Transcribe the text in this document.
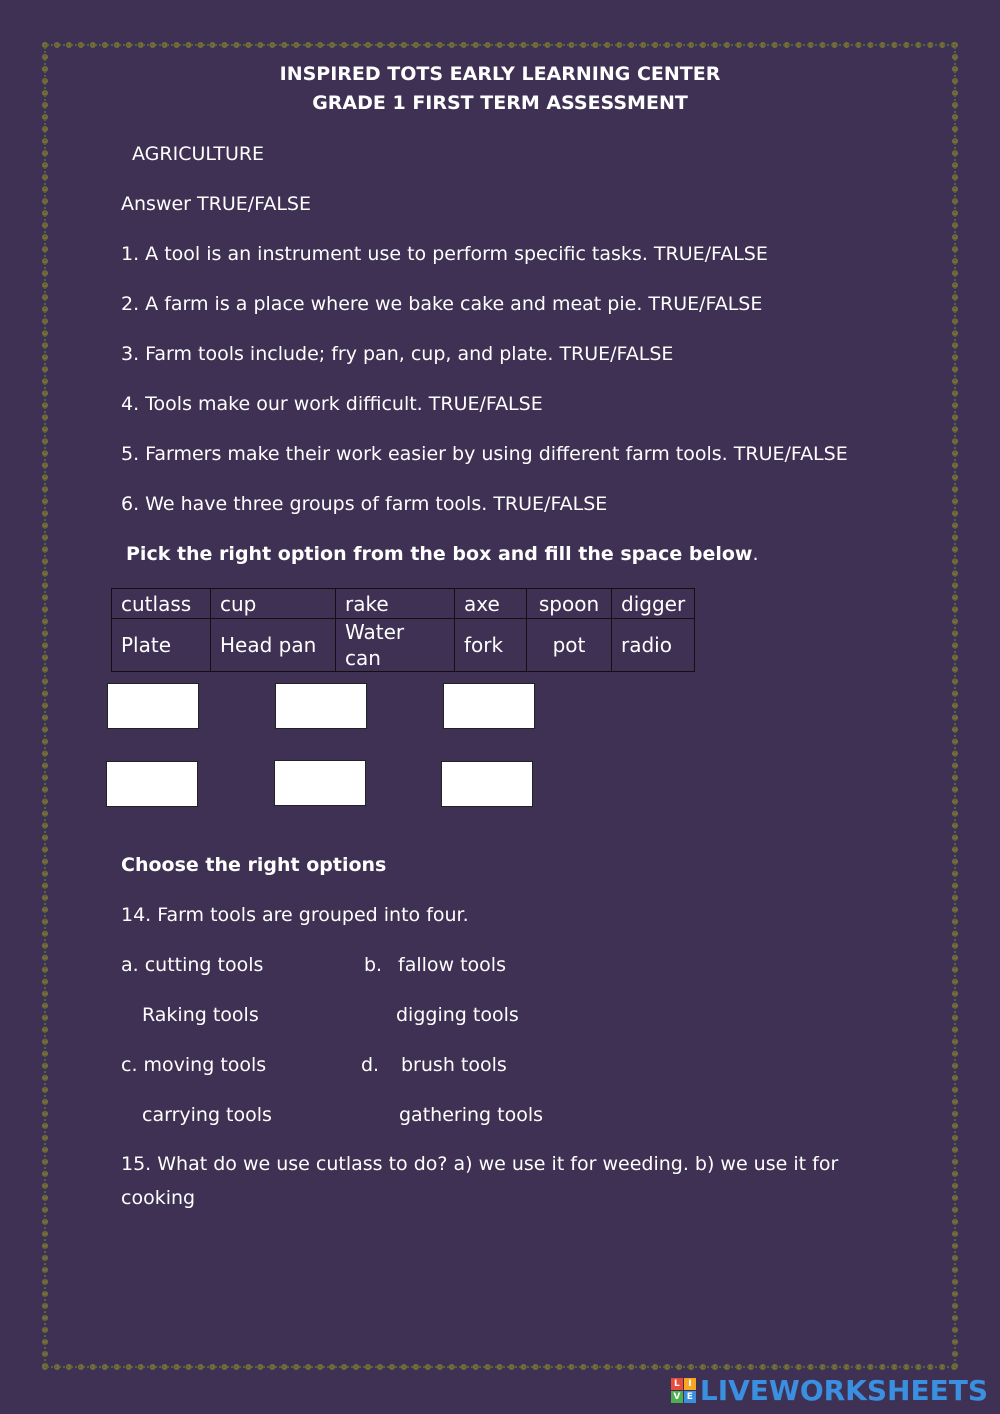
INSPIRED TOTS EARLY LEARNING CENTER
GRADE 1 FIRST TERM ASSESSMENT
AGRICULTURE
Answer TRUE/FALSE
1. A tool is an instrument use to perform specific tasks. TRUE/FALSE
2. A farm is a place where we bake cake and meat pie. TRUE/FALSE
3. Farm tools include; fry pan, cup, and plate. TRUE/FALSE
4. Tools make our work difficult. TRUE/FALSE
5. Farmers make their work easier by using different farm tools. TRUE/FALSE
6. We have three groups of farm tools. TRUE/FALSE
Pick the right option from the box and fill the space below.
cutlass	cup	rake	axe	spoon	digger
Plate	Head pan	Water can	fork	pot	radio
Choose the right options
14. Farm tools are grouped into four.
a. cutting tools
Raking tools
b. fallow tools
digging tools
c. moving tools
carrying tools
d. brush tools
gathering tools
15. What do we use cutlass to do? a) we use it for weeding. b) we use it for
cooking
L I
V E LIVEWORKSHEETS
